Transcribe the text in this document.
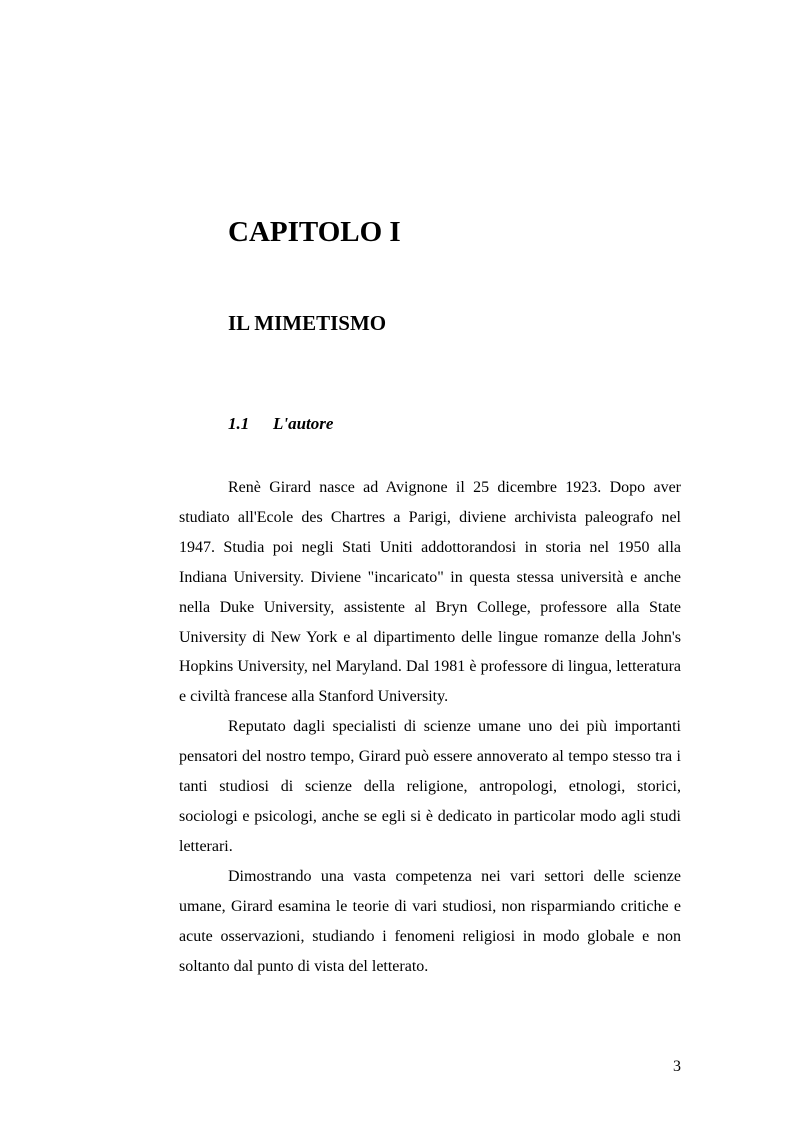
CAPITOLO I
IL MIMETISMO
1.1 L'autore

Renè Girard nasce ad Avignone il 25 dicembre 1923. Dopo aver studiato all'Ecole des Chartres a Parigi, diviene archivista paleografo nel 1947. Studia poi negli Stati Uniti addottorandosi in storia nel 1950 alla Indiana University. Diviene "incaricato" in questa stessa università e anche nella Duke University, assistente al Bryn College, professore alla State University di New York e al dipartimento delle lingue romanze della John's Hopkins University, nel Maryland. Dal 1981 è professore di lingua, letteratura e civiltà francese alla Stanford University.

Reputato dagli specialisti di scienze umane uno dei più importanti pensatori del nostro tempo, Girard può essere annoverato al tempo stesso tra i tanti studiosi di scienze della religione, antropologi, etnologi, storici, sociologi e psicologi, anche se egli si è dedicato in particolar modo agli studi letterari.

Dimostrando una vasta competenza nei vari settori delle scienze umane, Girard esamina le teorie di vari studiosi, non risparmiando critiche e acute osservazioni, studiando i fenomeni religiosi in modo globale e non soltanto dal punto di vista del letterato.

3
